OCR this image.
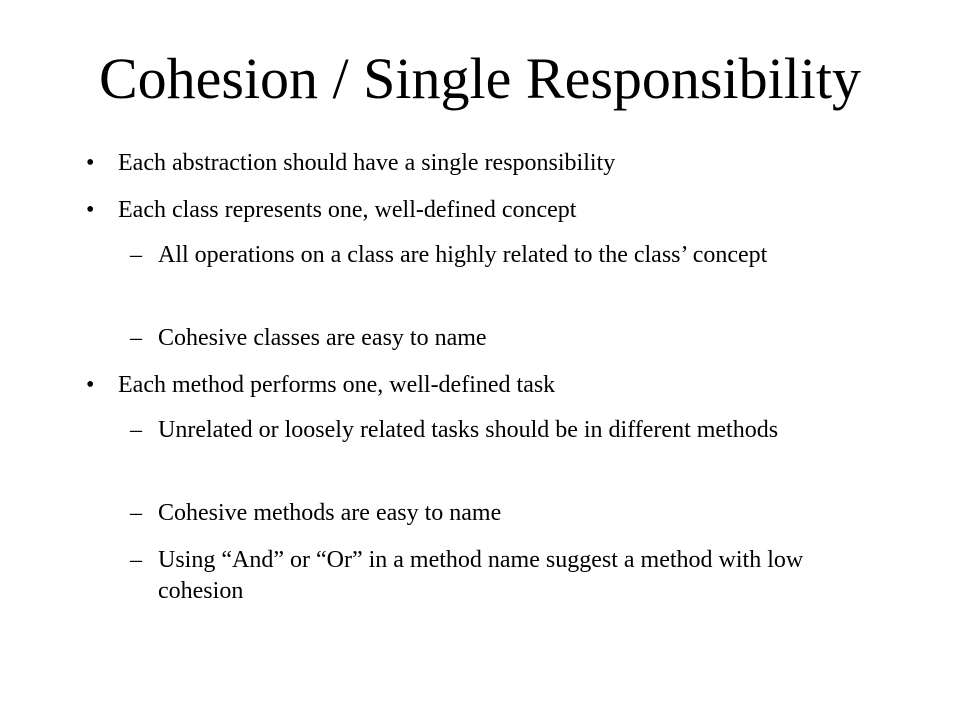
Cohesion / Single Responsibility
• Each abstraction should have a single responsibility
• Each class represents one, well-defined concept
– All operations on a class are highly related to the class’ concept
– Cohesive classes are easy to name
• Each method performs one, well-defined task
– Unrelated or loosely related tasks should be in different methods
– Cohesive methods are easy to name
– Using “And” or “Or” in a method name suggest a method with low cohesion
